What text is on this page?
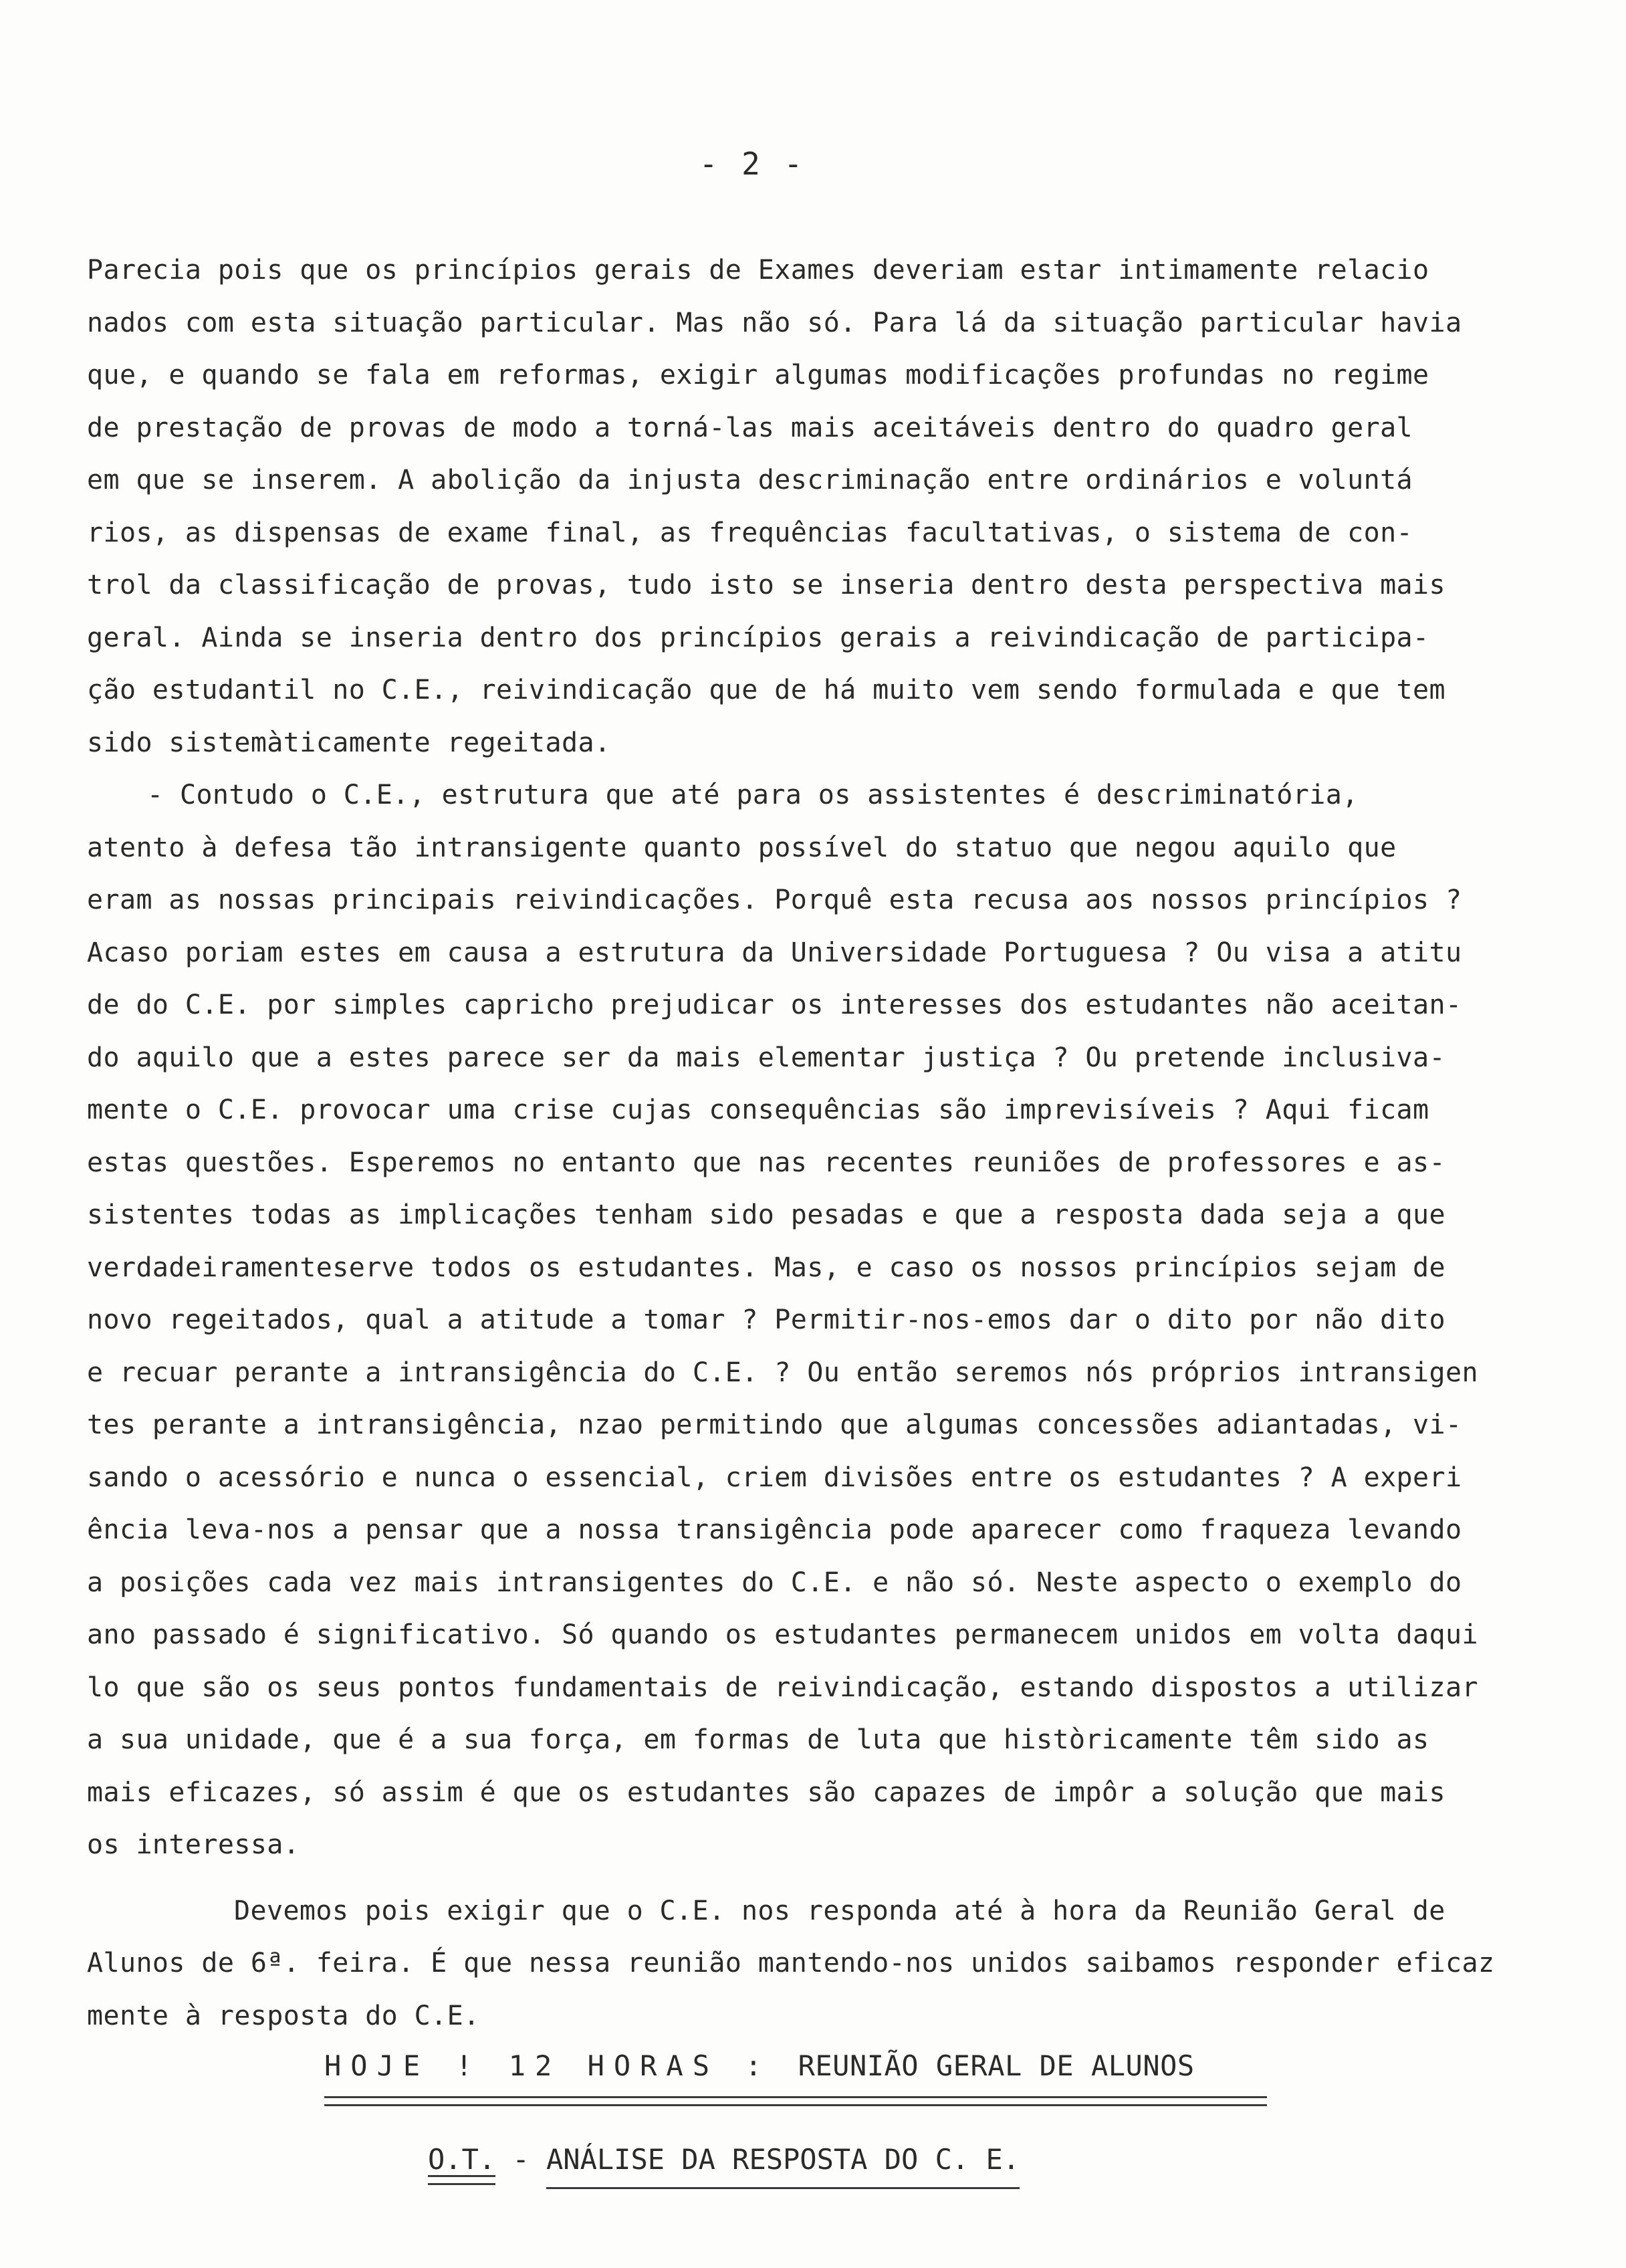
- 2 -
Parecia pois que os princípios gerais de Exames deveriam estar intimamente relacio
nados com esta situação particular. Mas não só. Para lá da situação particular havia
que, e quando se fala em reformas, exigir algumas modificações profundas no regime
de prestação de provas de modo a torná-las mais aceitáveis dentro do quadro geral
em que se inserem. A abolição da injusta descriminação entre ordinários e voluntá
rios, as dispensas de exame final, as frequências facultativas, o sistema de con-
trol da classificação de provas, tudo isto se inseria dentro desta perspectiva mais
geral. Ainda se inseria dentro dos princípios gerais a reivindicação de participa-
ção estudantil no C.E., reivindicação que de há muito vem sendo formulada e que tem
sido sistemàticamente regeitada.
- Contudo o C.E., estrutura que até para os assistentes é descriminatória,
atento à defesa tão intransigente quanto possível do statuo que negou aquilo que
eram as nossas principais reivindicações. Porquê esta recusa aos nossos princípios ?
Acaso poriam estes em causa a estrutura da Universidade Portuguesa ? Ou visa a atitu
de do C.E. por simples capricho prejudicar os interesses dos estudantes não aceitan-
do aquilo que a estes parece ser da mais elementar justiça ? Ou pretende inclusiva-
mente o C.E. provocar uma crise cujas consequências são imprevisíveis ? Aqui ficam
estas questões. Esperemos no entanto que nas recentes reuniões de professores e as-
sistentes todas as implicações tenham sido pesadas e que a resposta dada seja a que
verdadeiramenteserve todos os estudantes. Mas, e caso os nossos princípios sejam de
novo regeitados, qual a atitude a tomar ? Permitir-nos-emos dar o dito por não dito
e recuar perante a intransigência do C.E. ? Ou então seremos nós próprios intransigen
tes perante a intransigência, nzao permitindo que algumas concessões adiantadas, vi-
sando o acessório e nunca o essencial, criem divisões entre os estudantes ? A experi
ência leva-nos a pensar que a nossa transigência pode aparecer como fraqueza levando
a posições cada vez mais intransigentes do C.E. e não só. Neste aspecto o exemplo do
ano passado é significativo. Só quando os estudantes permanecem unidos em volta daqui
lo que são os seus pontos fundamentais de reivindicação, estando dispostos a utilizar
a sua unidade, que é a sua força, em formas de luta que històricamente têm sido as
mais eficazes, só assim é que os estudantes são capazes de impôr a solução que mais
os interessa.
Devemos pois exigir que o C.E. nos responda até à hora da Reunião Geral de
Alunos de 6ª. feira. É que nessa reunião mantendo-nos unidos saibamos responder eficaz
mente à resposta do C.E.
HOJE ! 12 HORAS : REUNIÃO GERAL DE ALUNOS
O.T. - ANÁLISE DA RESPOSTA DO C. E.
